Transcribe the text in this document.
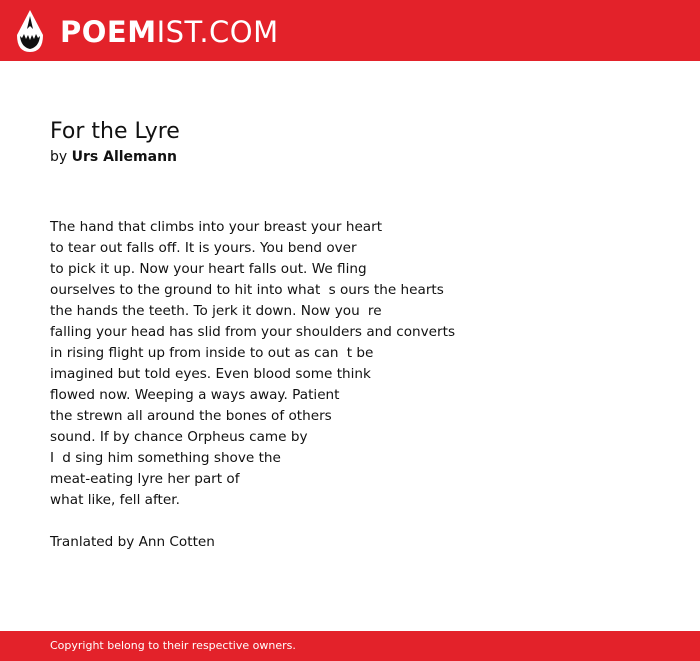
POEMIST.COM
For the Lyre
by Urs Allemann
The hand that climbs into your breast your heart
to tear out falls off. It is yours. You bend over
to pick it up. Now your heart falls out. We fling
ourselves to the ground to hit into whats ours the hearts
the hands the teeth. To jerk it down. Now youre
falling your head has slid from your shoulders and converts
in rising flight up from inside to out as cant be
imagined but told eyes. Even blood some think
flowed now. Weeping a ways away. Patient
the strewn all around the bones of others
sound. If by chance Orpheus came by
Id sing him something shove the
meat-eating lyre her part of
what like, fell after.
Tranlated by Ann Cotten
Copyright belong to their respective owners.
